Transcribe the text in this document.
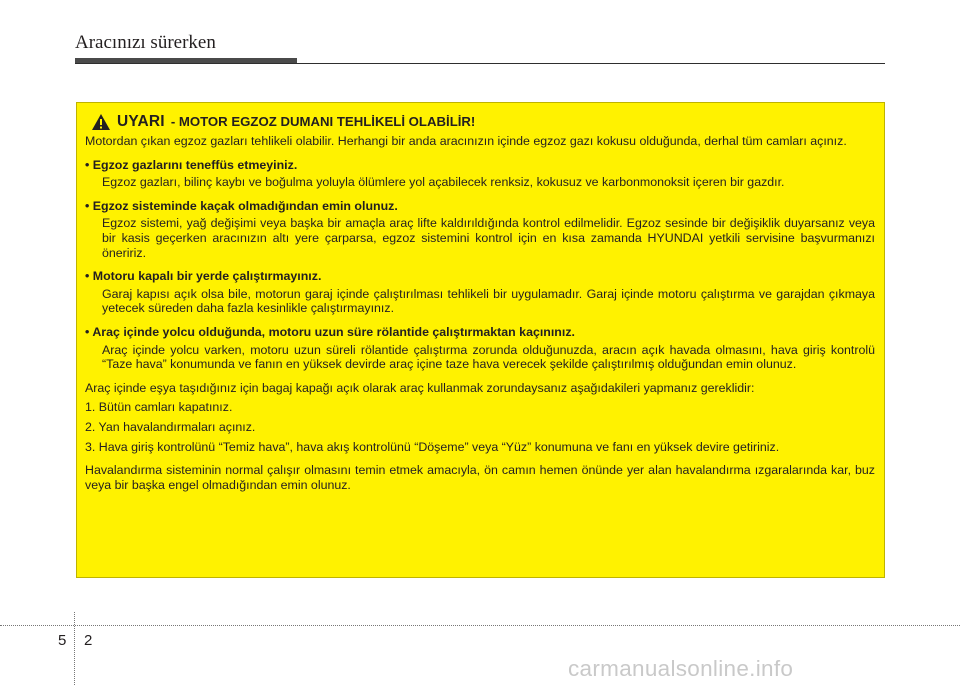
Aracınızı sürerken
UYARI - MOTOR EGZOZ DUMANI TEHLİKELİ OLABİLİR!

Motordan çıkan egzoz gazları tehlikeli olabilir. Herhangi bir anda aracınızın içinde egzoz gazı kokusu olduğunda, derhal tüm camları açınız.

• Egzoz gazlarını teneffüs etmeyiniz.

Egzoz gazları, bilinç kaybı ve boğulma yoluyla ölümlere yol açabilecek renksiz, kokusuz ve karbonmonoksit içeren bir gazdır.

• Egzoz sisteminde kaçak olmadığından emin olunuz.

Egzoz sistemi, yağ değişimi veya başka bir amaçla araç lifte kaldırıldığında kontrol edilmelidir. Egzoz sesinde bir değişiklik duyarsanız veya bir kasis geçerken aracınızın altı yere çarparsa, egzoz sistemini kontrol için en kısa zamanda HYUNDAI yetkili servisine başvurmanızı öneririz.

• Motoru kapalı bir yerde çalıştırmayınız.

Garaj kapısı açık olsa bile, motorun garaj içinde çalıştırılması tehlikeli bir uygulamadır. Garaj içinde motoru çalıştırma ve garajdan çıkmaya yetecek süreden daha fazla kesinlikle çalıştırmayınız.

• Araç içinde yolcu olduğunda, motoru uzun süre rölantide çalıştırmaktan kaçınınız.

Araç içinde yolcu varken, motoru uzun süreli rölantide çalıştırma zorunda olduğunuzda, aracın açık havada olmasını, hava giriş kontrolü “Taze hava” konumunda ve fanın en yüksek devirde araç içine taze hava verecek şekilde çalıştırılmış olduğundan emin olunuz.

Araç içinde eşya taşıdığınız için bagaj kapağı açık olarak araç kullanmak zorundaysanız aşağıdakileri yapmanız gereklidir:

1. Bütün camları kapatınız.

2. Yan havalandırmaları açınız.

3. Hava giriş kontrolünü “Temiz hava”, hava akış kontrolünü “Döşeme” veya “Yüz” konumuna ve fanı en yüksek devire getiriniz.

Havalandırma sisteminin normal çalışır olmasını temin etmek amacıyla, ön camın hemen önünde yer alan havalandırma ızgaralarında kar, buz veya bir başka engel olmadığından emin olunuz.

5 2
carmanualsonline.info
